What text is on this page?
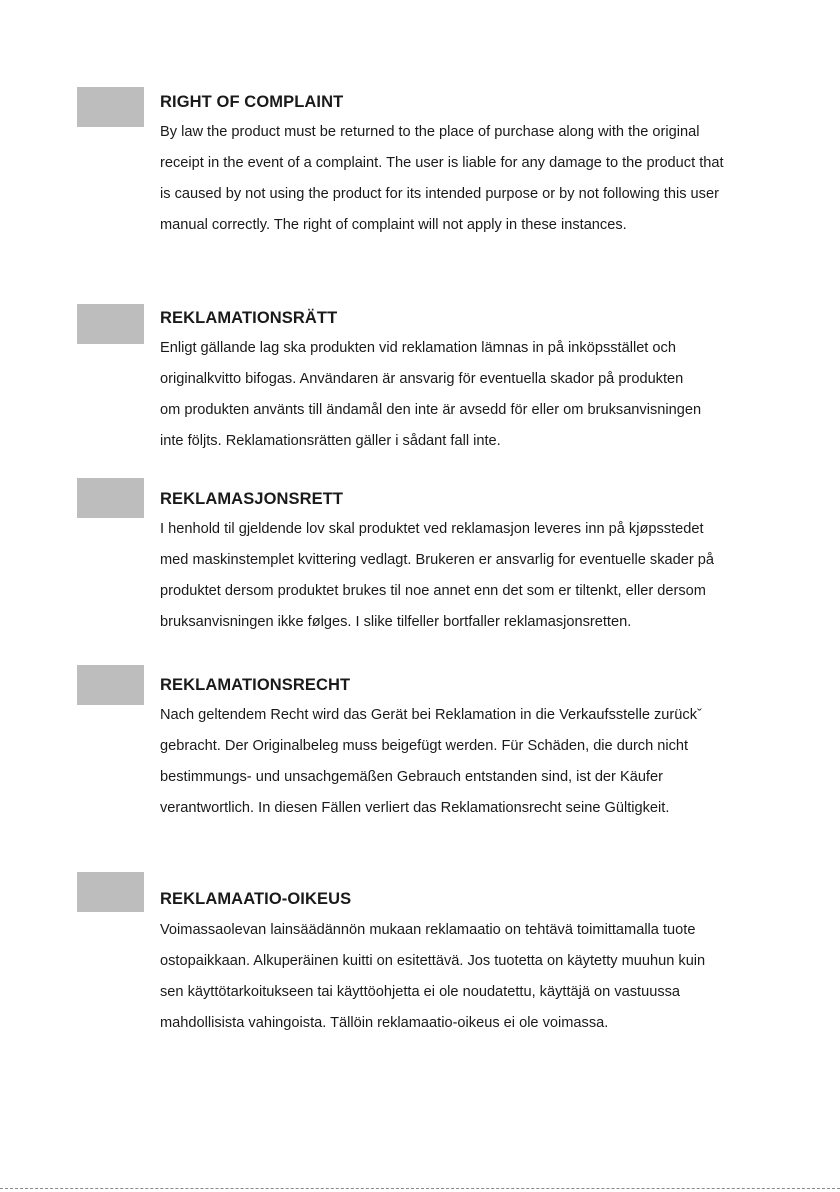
RIGHT OF COMPLAINT

By law the product must be returned to the place of purchase along with the original
receipt in the event of a complaint. The user is liable for any damage to the product that
is caused by not using the product for its intended purpose or by not following this user
manual correctly. The right of complaint will not apply in these instances.

REKLAMATIONSRÄTT

Enligt gällande lag ska produkten vid reklamation lämnas in på inköpsstället och
originalkvitto bifogas. Användaren är ansvarig för eventuella skador på produkten
om produkten använts till ändamål den inte är avsedd för eller om bruksanvisningen
inte följts. Reklamationsrätten gäller i sådant fall inte.

REKLAMASJONSRETT

I henhold til gjeldende lov skal produktet ved reklamasjon leveres inn på kjøpsstedet
med maskinstemplet kvittering vedlagt. Brukeren er ansvarlig for eventuelle skader på
produktet dersom produktet brukes til noe annet enn det som er tiltenkt, eller dersom
bruksanvisningen ikke følges. I slike tilfeller bortfaller reklamasjonsretten.

REKLAMATIONSRECHT

Nach geltendem Recht wird das Gerät bei Reklamation in die Verkaufsstelle zurückˇ
gebracht. Der Originalbeleg muss beigefügt werden. Für Schäden, die durch nicht
bestimmungs- und unsachgemäßen Gebrauch entstanden sind, ist der Käufer
verantwortlich. In diesen Fällen verliert das Reklamationsrecht seine Gültigkeit.

REKLAMAATIO-OIKEUS

Voimassaolevan lainsäädännön mukaan reklamaatio on tehtävä toimittamalla tuote
ostopaikkaan. Alkuperäinen kuitti on esitettävä. Jos tuotetta on käytetty muuhun kuin
sen käyttötarkoitukseen tai käyttöohjetta ei ole noudatettu, käyttäjä on vastuussa
mahdollisista vahingoista. Tällöin reklamaatio-oikeus ei ole voimassa.
